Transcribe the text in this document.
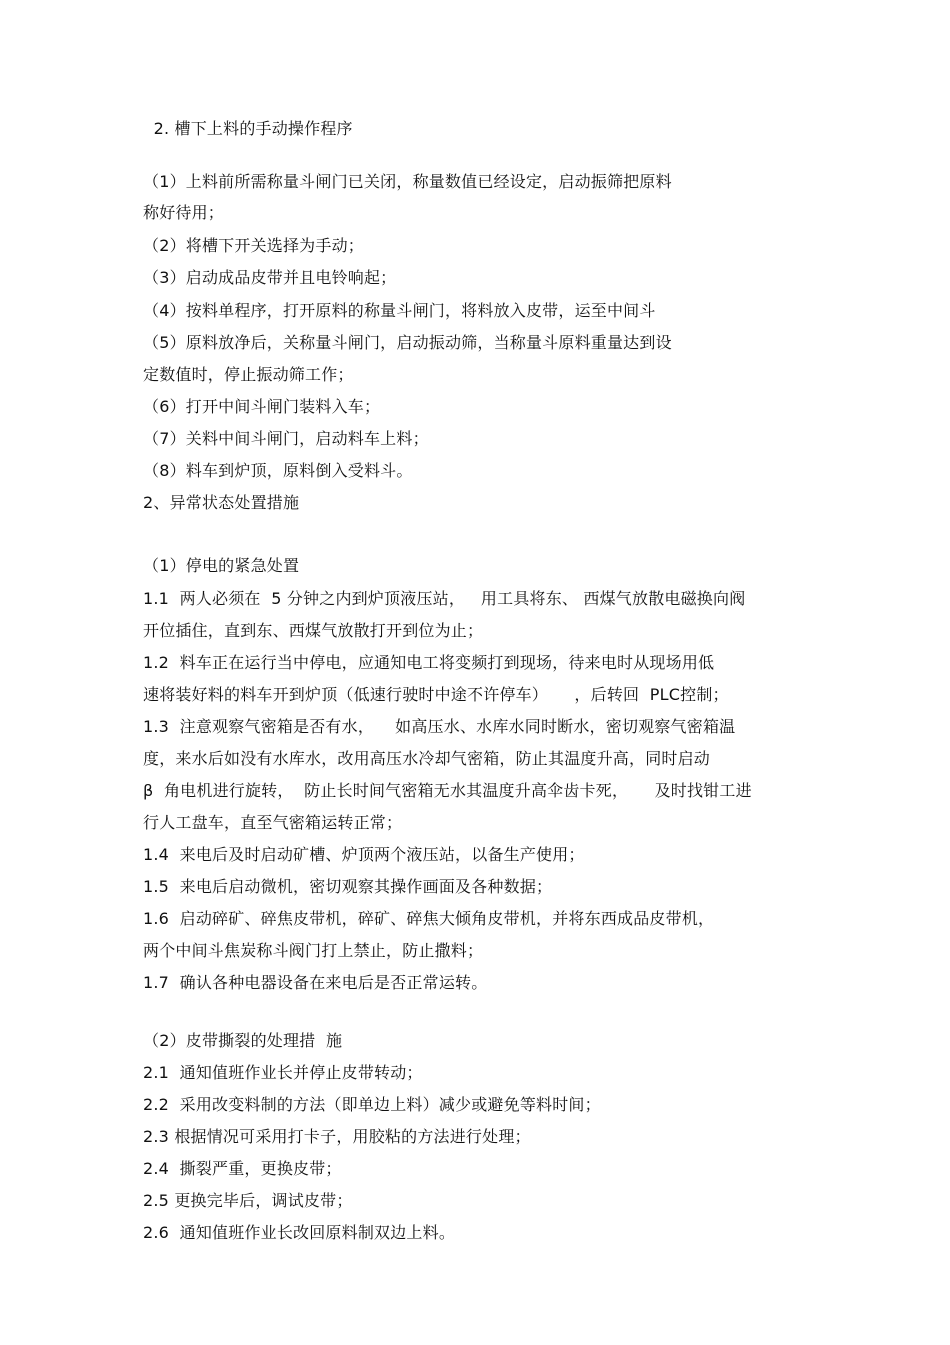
2. 槽下上料的手动操作程序
（1）上料前所需称量斗闸门已关闭，称量数值已经设定，启动振筛把原料
称好待用；
（2）将槽下开关选择为手动；
（3）启动成品皮带并且电铃响起；
（4）按料单程序，打开原料的称量斗闸门，将料放入皮带，运至中间斗
（5）原料放净后，关称量斗闸门，启动振动筛，当称量斗原料重量达到设
定数值时，停止振动筛工作；
（6）打开中间斗闸门装料入车；
（7）关料中间斗闸门，启动料车上料；
（8）料车到炉顶，原料倒入受料斗。
2、异常状态处置措施
（1）停电的紧急处置
1.1  两人必须在  5 分钟之内到炉顶液压站，   用工具将东、 西煤气放散电磁换向阀
开位插住，直到东、西煤气放散打开到位为止；
1.2  料车正在运行当中停电，应通知电工将变频打到现场，待来电时从现场用低
速将装好料的料车开到炉顶（低速行驶时中途不许停车）     ，后转回  PLC控制；
1.3  注意观察气密箱是否有水，    如高压水、水库水同时断水，密切观察气密箱温
度，来水后如没有水库水，改用高压水冷却气密箱，防止其温度升高，同时启动
β  角电机进行旋转，  防止长时间气密箱无水其温度升高伞齿卡死，     及时找钳工进
行人工盘车，直至气密箱运转正常；
1.4  来电后及时启动矿槽、炉顶两个液压站，以备生产使用；
1.5  来电后启动微机，密切观察其操作画面及各种数据；
1.6  启动碎矿、碎焦皮带机，碎矿、碎焦大倾角皮带机，并将东西成品皮带机，
两个中间斗焦炭称斗阀门打上禁止，防止撒料；
1.7  确认各种电器设备在来电后是否正常运转。
（2）皮带撕裂的处理措  施
2.1  通知值班作业长并停止皮带转动；
2.2  采用改变料制的方法（即单边上料）减少或避免等料时间；
2.3 根据情况可采用打卡子，用胶粘的方法进行处理；
2.4  撕裂严重，更换皮带；
2.5 更换完毕后，调试皮带；
2.6  通知值班作业长改回原料制双边上料。
